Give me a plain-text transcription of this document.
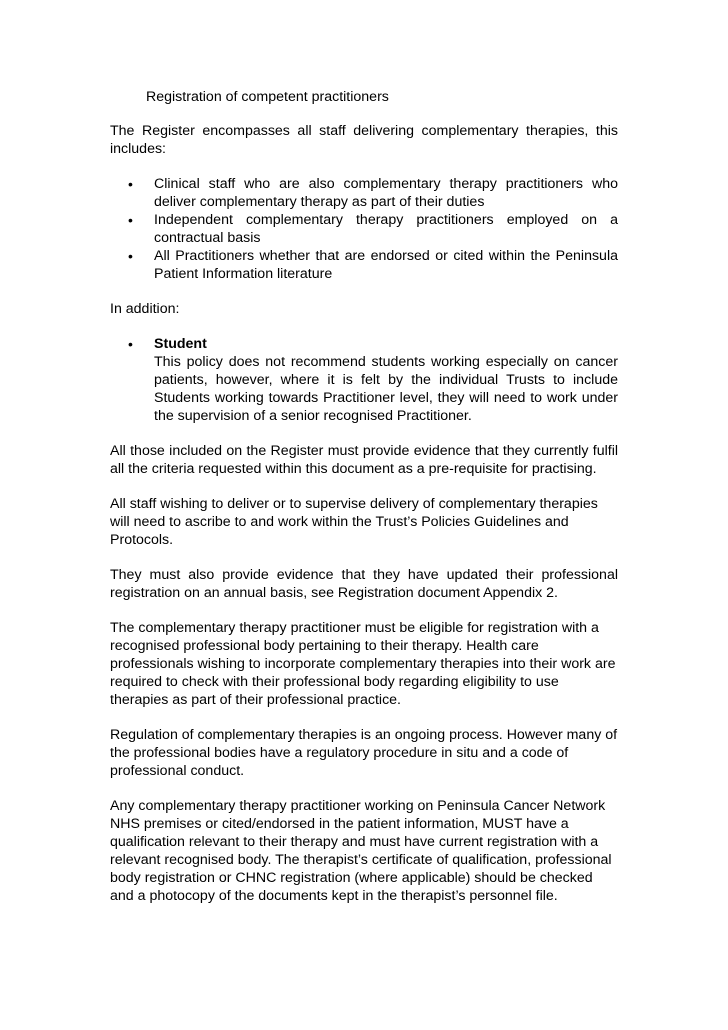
Registration of competent practitioners

The Register encompasses all staff delivering complementary therapies, this includes:

• Clinical staff who are also complementary therapy practitioners who deliver complementary therapy as part of their duties
• Independent complementary therapy practitioners employed on a contractual basis
• All Practitioners whether that are endorsed or cited within the Peninsula Patient Information literature

In addition:

• Student
This policy does not recommend students working especially on cancer patients, however, where it is felt by the individual Trusts to include Students working towards Practitioner level, they will need to work under the supervision of a senior recognised Practitioner.

All those included on the Register must provide evidence that they currently fulfil all the criteria requested within this document as a pre-requisite for practising.

All staff wishing to deliver or to supervise delivery of complementary therapies will need to ascribe to and work within the Trust’s Policies Guidelines and Protocols.

They must also provide evidence that they have updated their professional registration on an annual basis, see Registration document Appendix 2.

The complementary therapy practitioner must be eligible for registration with a recognised professional body pertaining to their therapy. Health care professionals wishing to incorporate complementary therapies into their work are required to check with their professional body regarding eligibility to use therapies as part of their professional practice.

Regulation of complementary therapies is an ongoing process. However many of the professional bodies have a regulatory procedure in situ and a code of professional conduct.

Any complementary therapy practitioner working on Peninsula Cancer Network NHS premises or cited/endorsed in the patient information, MUST have a qualification relevant to their therapy and must have current registration with a relevant recognised body. The therapist’s certificate of qualification, professional body registration or CHNC registration (where applicable) should be checked and a photocopy of the documents kept in the therapist’s personnel file.
